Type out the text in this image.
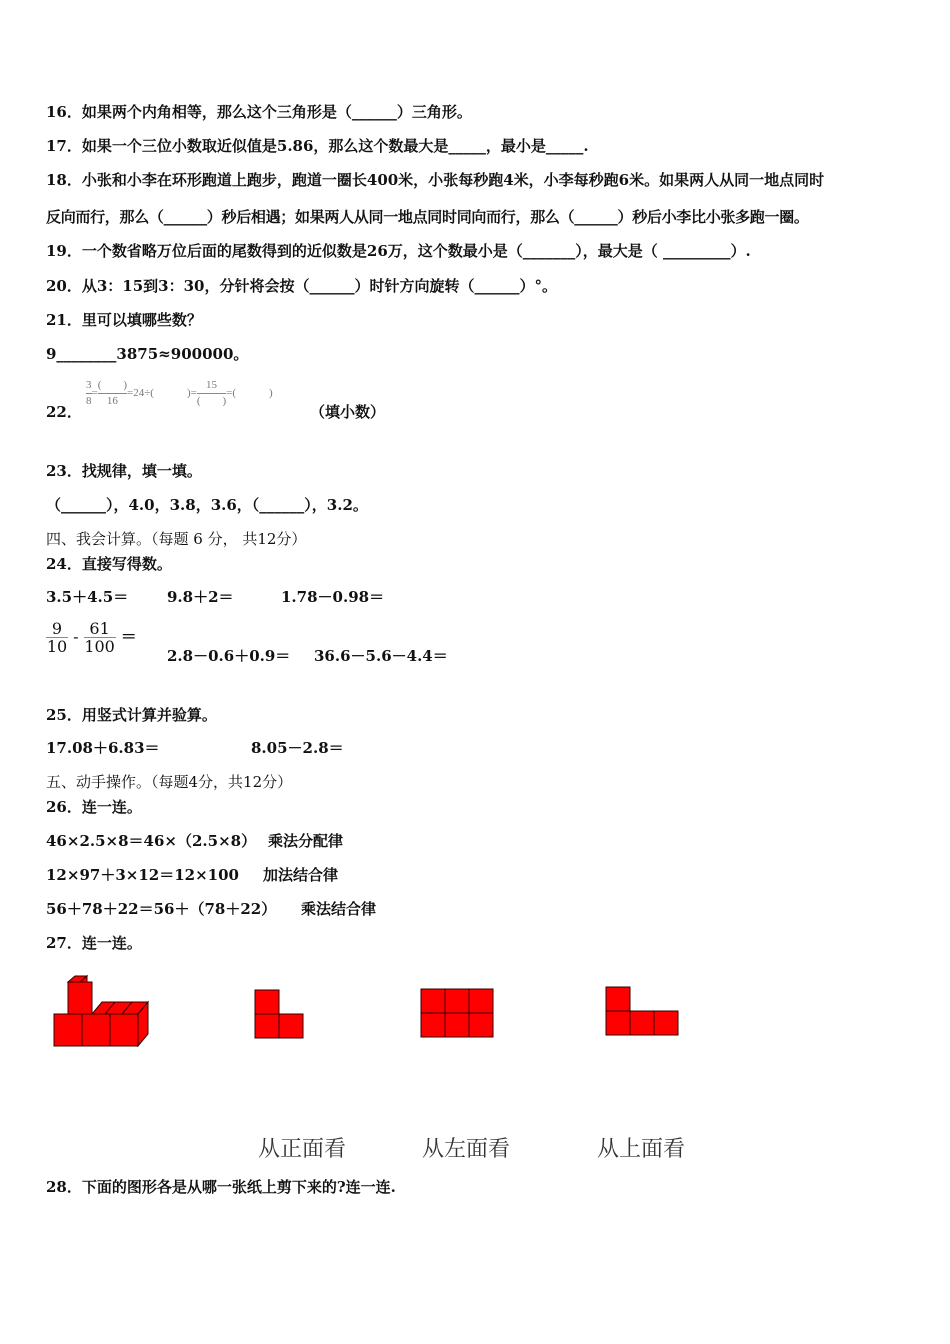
16．如果两个内角相等，那么这个三角形是（______）三角形。
17．如果一个三位小数取近似值是5.86，那么这个数最大是_____，最小是_____.
18．小张和小李在环形跑道上跑步，跑道一圈长400米，小张每秒跑4米，小李每秒跑6米。如果两人从同一地点同时
反向而行，那么（______）秒后相遇；如果两人从同一地点同时同向而行，那么（______）秒后小李比小张多跑一圈。
19．一个数省略万位后面的尾数得到的近似数是26万，这个数最小是（_______），最大是（ _________）.
20．从3：15到3：30，分针将会按（______）时针方向旋转（______）°。
21．里可以填哪些数？
9________3875≈900000。
22．
$\frac{3}{8}$ =
(　　)
16
=24÷(　　　)=
15
(　　)
=(　　　)
（填小数）
23．找规律，填一填。
（______），4.0，3.8，3.6，（______），3.2。
四、我会计算。（每题 6 分， 共12分）
24．直接写得数。
3.5＋4.5＝	9.8＋2＝	1.78－0.98＝
$\frac{9}{10} - \frac{61}{100}$ ＝
2.8－0.6＋0.9＝ 36.6－5.6－4.4＝
25．用竖式计算并验算。
17.08＋6.83＝	8.05－2.8＝
五、动手操作。（每题4分，共12分）
26．连一连。
46×2.5×8＝46×（2.5×8） 乘法分配律
12×97＋3×12＝12×100 加法结合律
56＋78＋22＝56＋（78＋22） 乘法结合律
27．连一连。
从正面看	从左面看	从上面看
28．下面的图形各是从哪一张纸上剪下来的?连一连.
